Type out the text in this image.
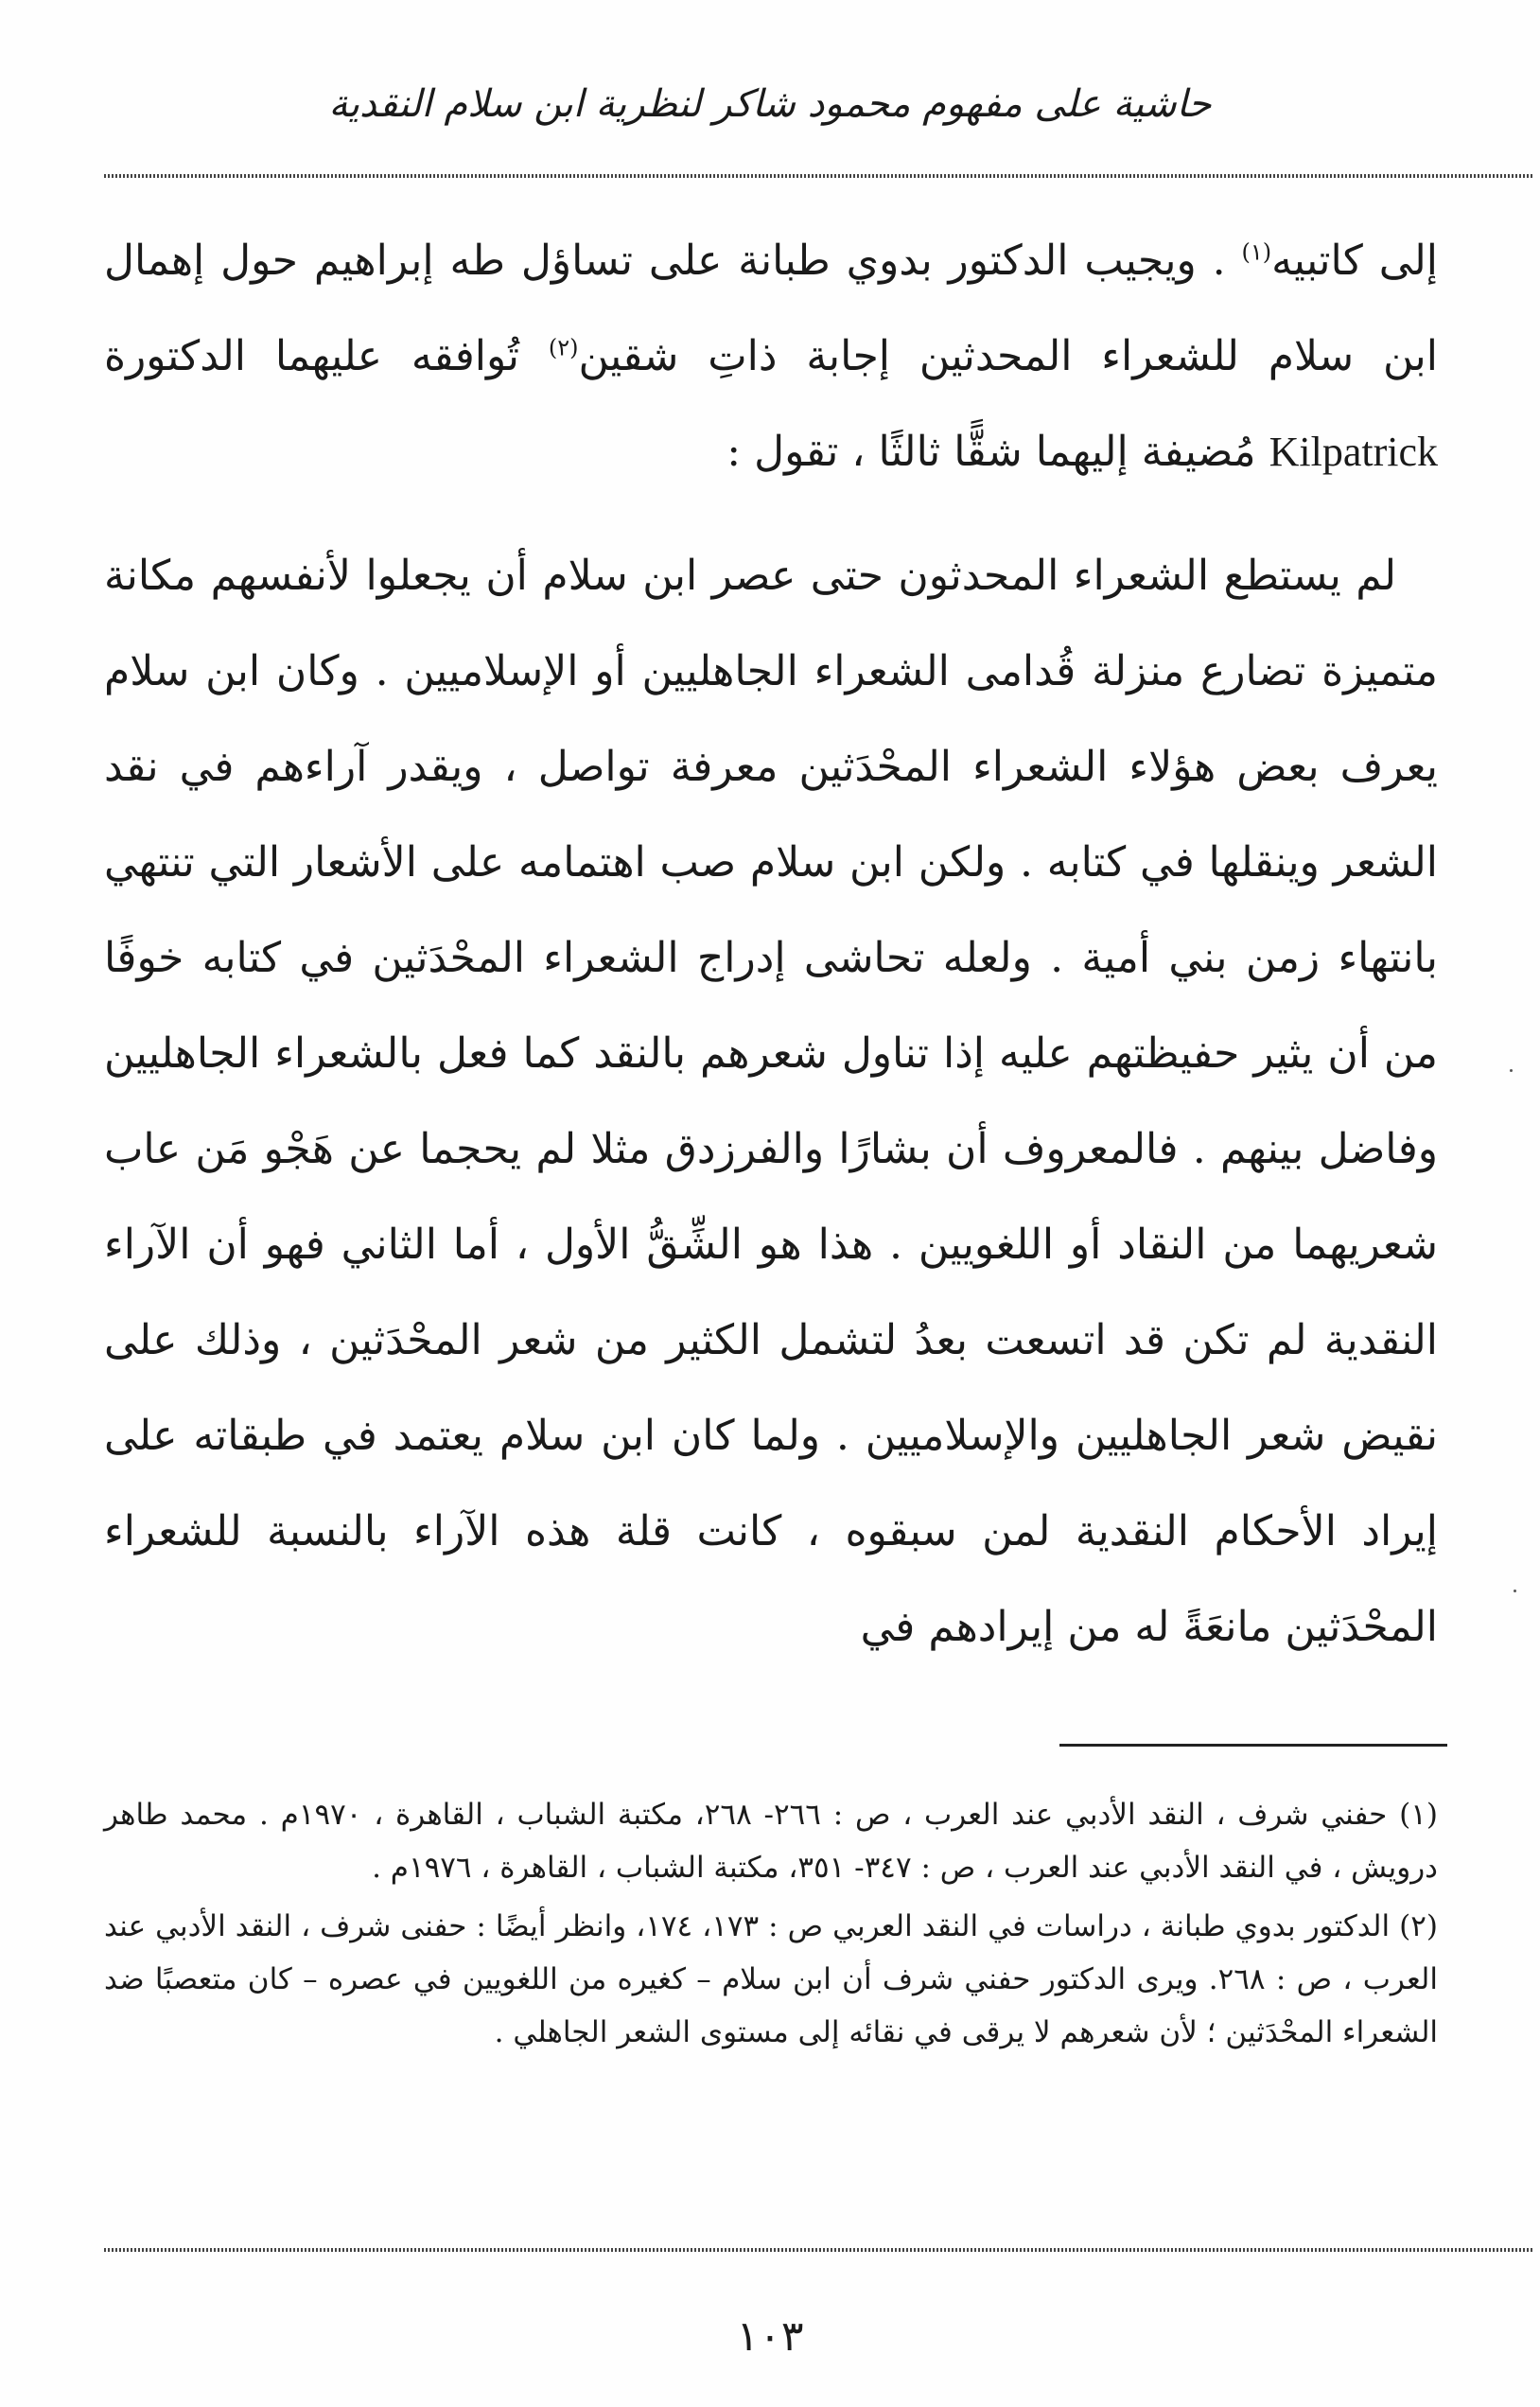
حاشية على مفهوم محمود شاكر لنظرية ابن سلام النقدية

إلى كاتبيه$^{(١)}$ . ويجيب الدكتور بدوي طبانة على تساؤل طه إبراهيم حول إهمال ابن سلام للشعراء المحدثين إجابة ذاتِ شقين$^{(٢)}$ تُوافقه عليهما الدكتورة Kilpatrick مُضيفة إليهما شقًّا ثالثًا ، تقول :

لم يستطع الشعراء المحدثون حتى عصر ابن سلام أن يجعلوا لأنفسهم مكانة متميزة تضارع منزلة قُدامى الشعراء الجاهليين أو الإسلاميين . وكان ابن سلام يعرف بعض هؤلاء الشعراء المحْدَثين معرفة تواصل ، ويقدر آراءهم في نقد الشعر وينقلها في كتابه . ولكن ابن سلام صب اهتمامه على الأشعار التي تنتهي بانتهاء زمن بني أمية . ولعله تحاشى إدراج الشعراء المحْدَثين في كتابه خوفًا من أن يثير حفيظتهم عليه إذا تناول شعرهم بالنقد كما فعل بالشعراء الجاهليين وفاضل بينهم . فالمعروف أن بشارًا والفرزدق مثلا لم يحجما عن هَجْو مَن عاب شعريهما من النقاد أو اللغويين . هذا هو الشِّقُّ الأول ، أما الثاني فهو أن الآراء النقدية لم تكن قد اتسعت بعدُ لتشمل الكثير من شعر المحْدَثين ، وذلك على نقيض شعر الجاهليين والإسلاميين . ولما كان ابن سلام يعتمد في طبقاته على إيراد الأحكام النقدية لمن سبقوه ، كانت قلة هذه الآراء بالنسبة للشعراء المحْدَثين مانعَةً له من إيرادهم في

(١) حفني شرف ، النقد الأدبي عند العرب ، ص : ٢٦٦- ٢٦٨، مكتبة الشباب ، القاهرة ، ١٩٧٠م . محمد طاهر درويش ، في النقد الأدبي عند العرب ، ص : ٣٤٧- ٣٥١، مكتبة الشباب ، القاهرة ، ١٩٧٦م .

(٢) الدكتور بدوي طبانة ، دراسات في النقد العربي ص : ١٧٣، ١٧٤، وانظر أيضًا : حفنى شرف ، النقد الأدبي عند العرب ، ص : ٢٦٨. ويرى الدكتور حفني شرف أن ابن سلام – كغيره من اللغويين في عصره – كان متعصبًا ضد الشعراء المحْدَثين ؛ لأن شعرهم لا يرقى في نقائه إلى مستوى الشعر الجاهلي .

١٠٣
